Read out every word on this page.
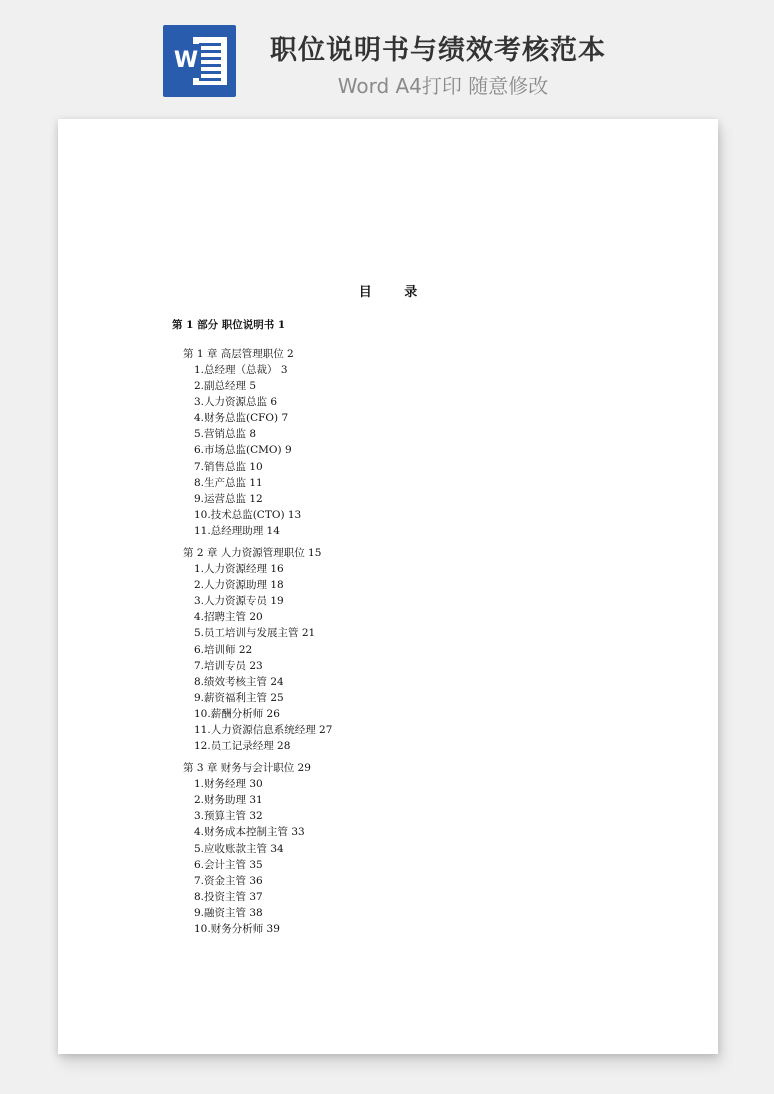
W	职位说明书与绩效考核范本
Word A4打印 随意修改
目 录
第 1 部分 职位说明书 1
第 1 章 高层管理职位 2
1.总经理（总裁） 3
2.副总经理 5
3.人力资源总监 6
4.财务总监(CFO) 7
5.营销总监 8
6.市场总监(CMO) 9
7.销售总监 10
8.生产总监 11
9.运营总监 12
10.技术总监(CTO) 13
11.总经理助理 14
第 2 章 人力资源管理职位 15
1.人力资源经理 16
2.人力资源助理 18
3.人力资源专员 19
4.招聘主管 20
5.员工培训与发展主管 21
6.培训师 22
7.培训专员 23
8.绩效考核主管 24
9.薪资福利主管 25
10.薪酬分析师 26
11.人力资源信息系统经理 27
12.员工记录经理 28
第 3 章 财务与会计职位 29
1.财务经理 30
2.财务助理 31
3.预算主管 32
4.财务成本控制主管 33
5.应收账款主管 34
6.会计主管 35
7.资金主管 36
8.投资主管 37
9.融资主管 38
10.财务分析师 39
